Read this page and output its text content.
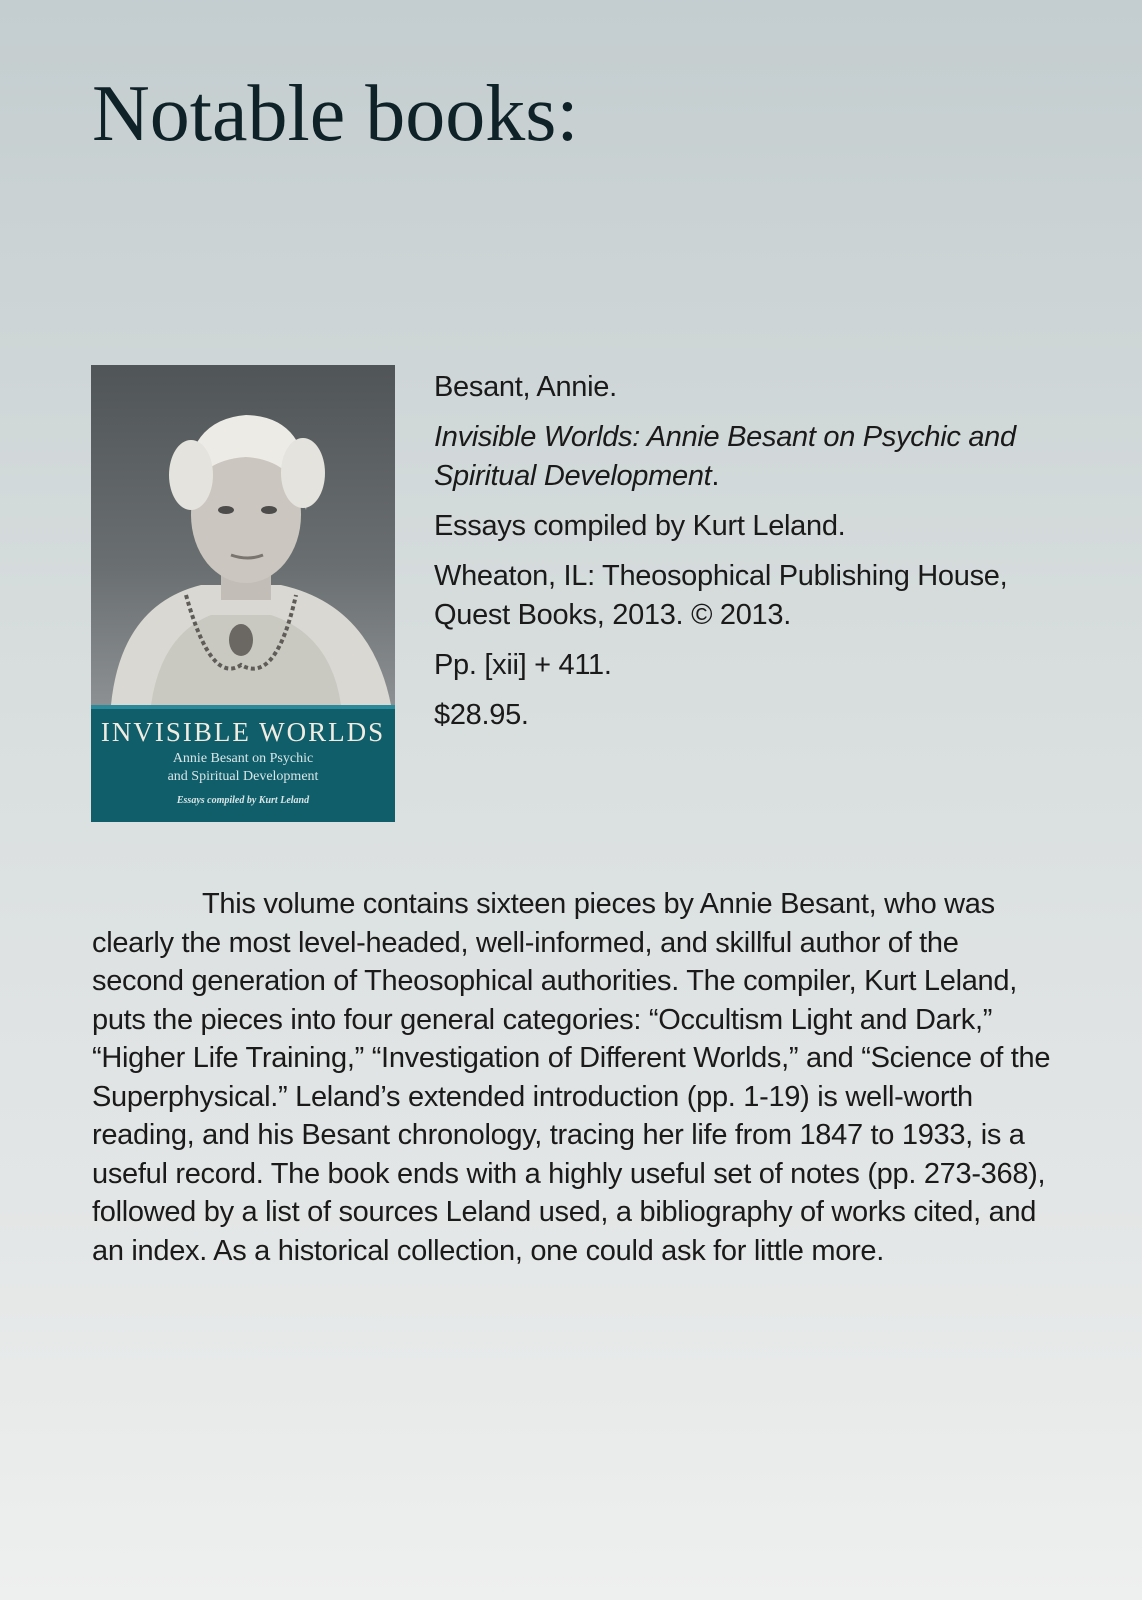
Notable books:
INVISIBLE WORLDS
Annie Besant on Psychic
and Spiritual Development
Essays compiled by Kurt Leland

Besant, Annie.

Invisible Worlds: Annie Besant on Psychic and Spiritual Development.

Essays compiled by Kurt Leland.

Wheaton, IL: Theosophical Publishing House, Quest Books, 2013. © 2013.

Pp. [xii] + 411.

$28.95.

This volume contains sixteen pieces by Annie Besant, who was clearly the most level-headed, well-informed, and skillful author of the second generation of Theosophical authorities. The compiler, Kurt Leland, puts the pieces into four general categories: “Occultism Light and Dark,” “Higher Life Training,” “Investigation of Different Worlds,” and “Science of the Superphysical.” Leland’s extended introduction (pp. 1-19) is well-worth reading, and his Besant chronology, tracing her life from 1847 to 1933, is a useful record. The book ends with a highly useful set of notes (pp. 273-368), followed by a list of sources Leland used, a bibliography of works cited, and an index. As a historical collection, one could ask for little more.
